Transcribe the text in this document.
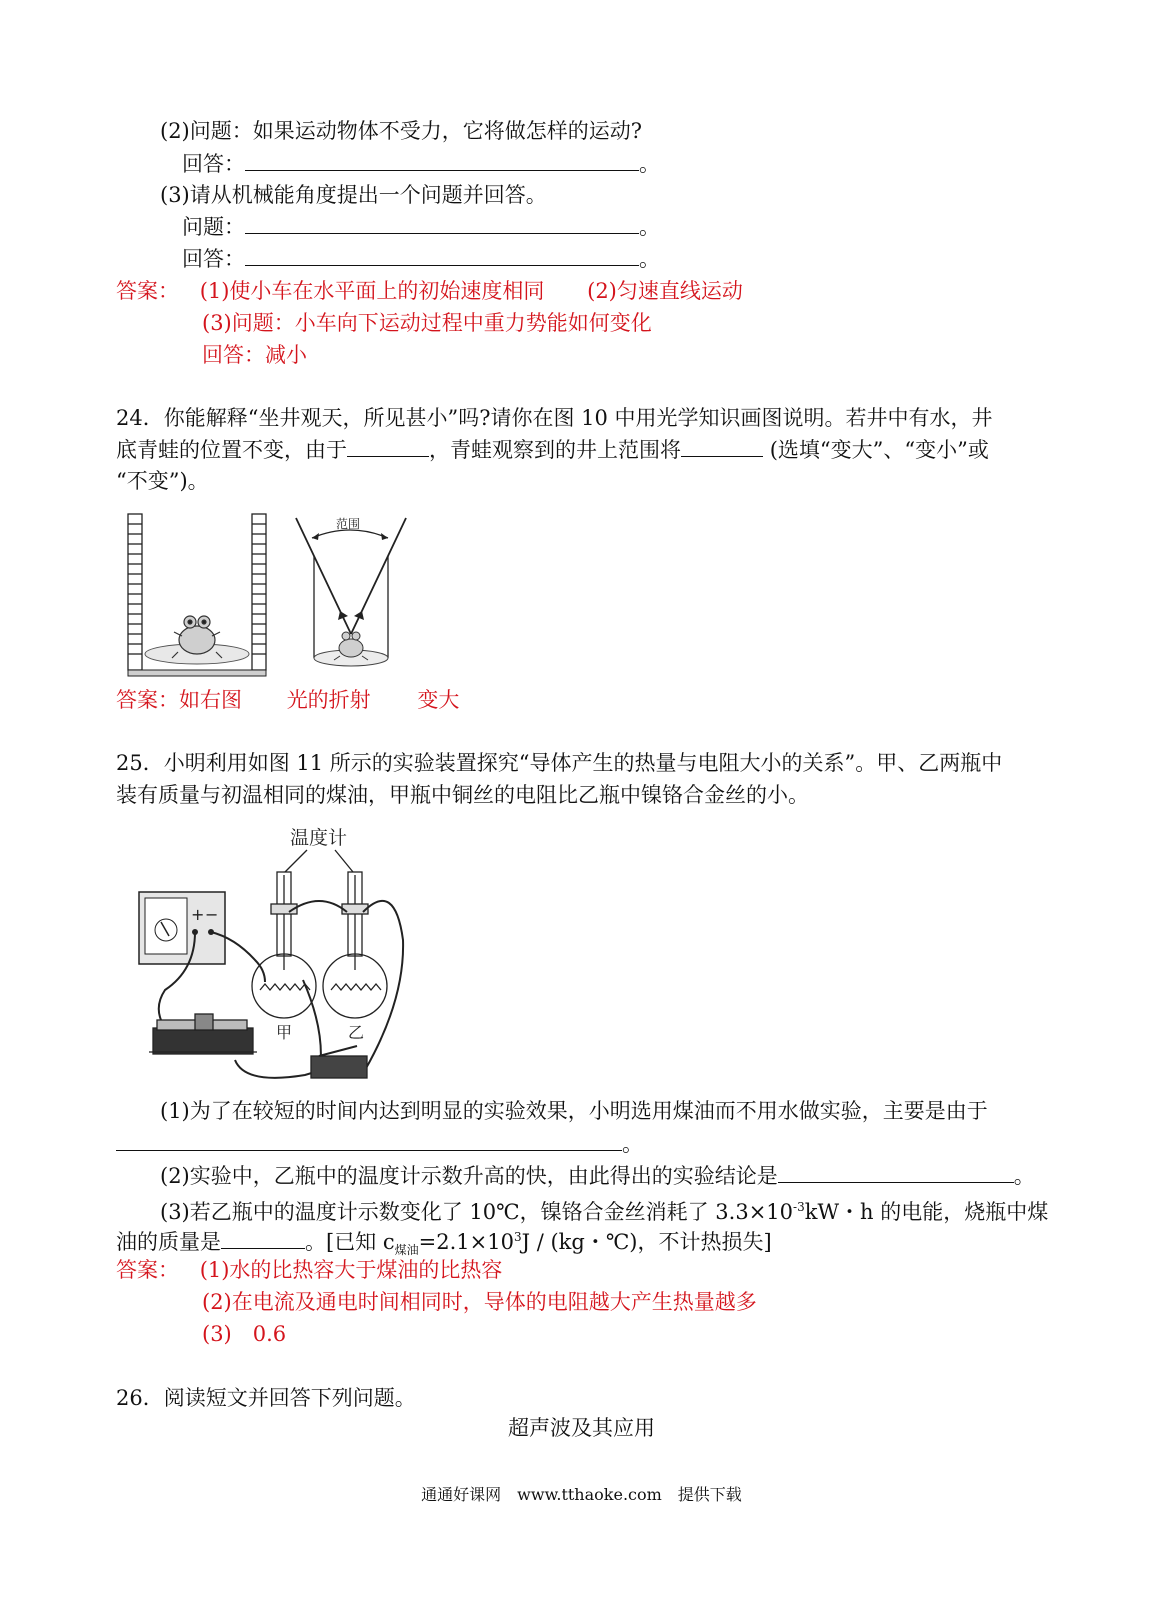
(2)问题：如果运动物体不受力，它将做怎样的运动?
回答：	。
(3)请从机械能角度提出一个问题并回答。
问题：	。
回答：	。
答案： (1)使小车在水平面上的初始速度相同 (2)匀速直线运动
(3)问题：小车向下运动过程中重力势能如何变化
回答：减小
24．你能解释“坐井观天，所见甚小”吗?请你在图 10 中用光学知识画图说明。若井中有水，井
底青蛙的位置不变，由于	，青蛙观察到的井上范围将	(选填“变大”、“变小”或
“不变”)。
范围
答案：如右图 光的折射 变大
25．小明利用如图 11 所示的实验装置探究“导体产生的热量与电阻大小的关系”。甲、乙两瓶中
装有质量与初温相同的煤油，甲瓶中铜丝的电阻比乙瓶中镍铬合金丝的小。
温度计
+ −
甲	乙
(1)为了在较短的时间内达到明显的实验效果，小明选用煤油而不用水做实验，主要是由于
。
(2)实验中，乙瓶中的温度计示数升高的快，由此得出的实验结论是	。
(3)若乙瓶中的温度计示数变化了 10℃，镍铬合金丝消耗了 $3.3\times 10^{-3}kW$・h 的电能，烧瓶中煤
油的质量是	。[已知 $c_{煤油}=2.1\times 10^3J / (kg$・℃)，不计热损失]
答案： (1)水的比热容大于煤油的比热容
(2)在电流及通电时间相同时，导体的电阻越大产生热量越多
(3)　0.6
26．阅读短文并回答下列问题。
超声波及其应用
通通好课网　www.tthaoke.com　提供下载
